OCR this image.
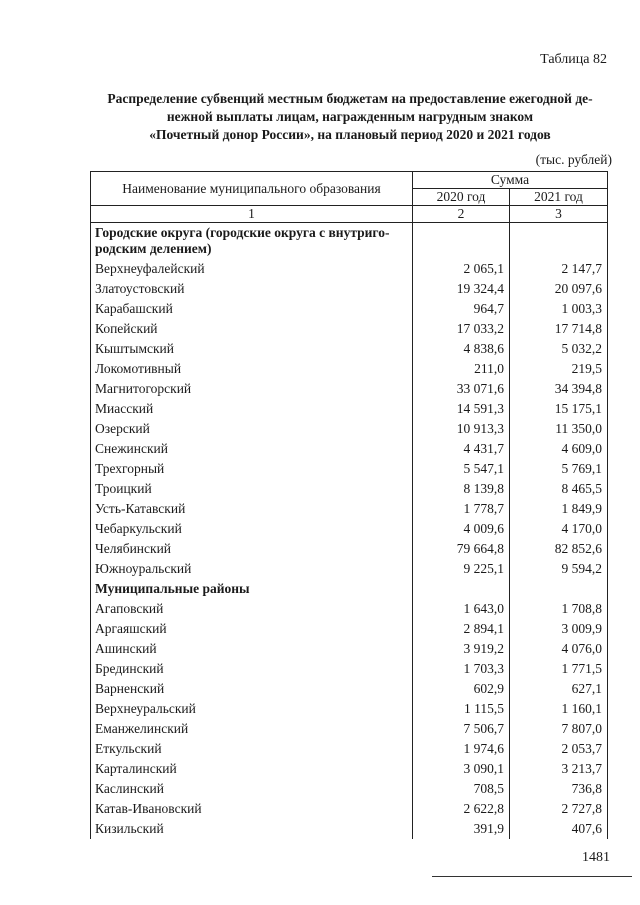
Таблица 82
Распределение субвенций местным бюджетам на предоставление ежегодной де-
нежной выплаты лицам, награжденным нагрудным знаком
«Почетный донор России», на плановый период 2020 и 2021 годов
(тыс. рублей)
Наименование муниципального образования	Сумма	
	2020 год	2021 год
1	2	3
Городские округа (городские округа с внутриго-
родским делением)		
Верхнеуфалейский	2 065,1	2 147,7
Златоустовский	19 324,4	20 097,6
Карабашский	964,7	1 003,3
Копейский	17 033,2	17 714,8
Кыштымский	4 838,6	5 032,2
Локомотивный	211,0	219,5
Магнитогорский	33 071,6	34 394,8
Миасский	14 591,3	15 175,1
Озерский	10 913,3	11 350,0
Снежинский	4 431,7	4 609,0
Трехгорный	5 547,1	5 769,1
Троицкий	8 139,8	8 465,5
Усть-Катавский	1 778,7	1 849,9
Чебаркульский	4 009,6	4 170,0
Челябинский	79 664,8	82 852,6
Южноуральский	9 225,1	9 594,2
Муниципальные районы		
Агаповский	1 643,0	1 708,8
Аргаяшский	2 894,1	3 009,9
Ашинский	3 919,2	4 076,0
Брединский	1 703,3	1 771,5
Варненский	602,9	627,1
Верхнеуральский	1 115,5	1 160,1
Еманжелинский	7 506,7	7 807,0
Еткульский	1 974,6	2 053,7
Карталинский	3 090,1	3 213,7
Каслинский	708,5	736,8
Катав-Ивановский	2 622,8	2 727,8
Кизильский	391,9	407,6
1481
